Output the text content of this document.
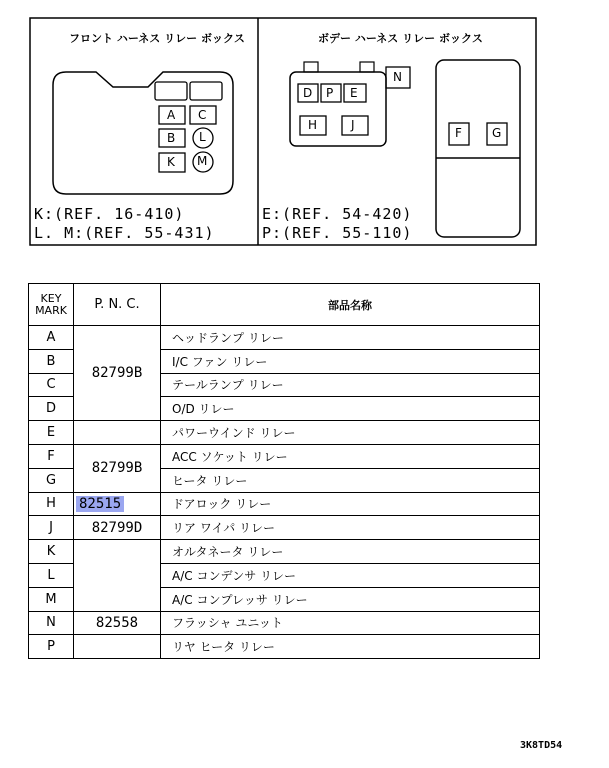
フロント ハーネス リレー ボックス	ボデー ハーネス リレー ボックス
A C
B L
K M
D P E
N
H	J
F	G
K:(REF. 16-410)
L. M:(REF. 55-431)
E:(REF. 54-420)
P:(REF. 55-110)
KEY
MARK	P. N. C.	部品名称
A	82799B	ヘッドランプ リレー
B		I/C ファン リレー
C		テールランプ リレー
D		O/D リレー
E		パワーウインド リレー
F	82799B	ACC ソケット リレー
G		ヒータ リレー
H	82515	ドアロック リレー
J	82799D	リア ワイパ リレー
K		オルタネータ リレー
L		A/C コンデンサ リレー
M		A/C コンプレッサ リレー
N	82558	フラッシャ ユニット
P		リヤ ヒータ リレー
3K8TD54
